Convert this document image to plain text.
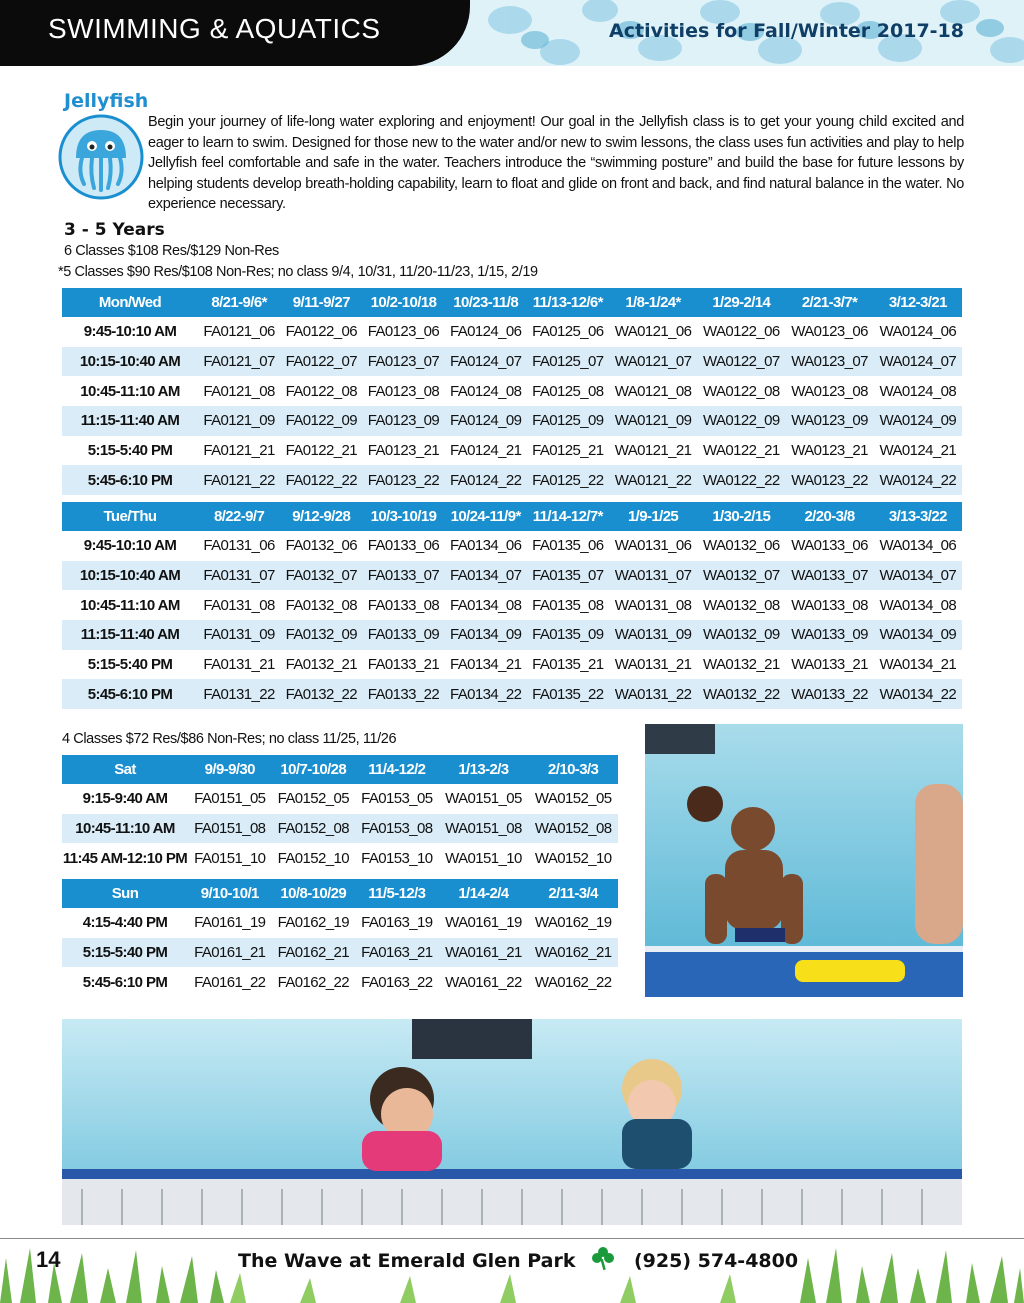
SWIMMING & AQUATICS	Activities for Fall/Winter 2017-18
Jellyfish
Begin your journey of life-long water exploring and enjoyment! Our goal in the Jellyfish class is to get your young child excited and eager to learn to swim. Designed for those new to the water and/or new to swim lessons, the class uses fun activities and play to help Jellyfish feel comfortable and safe in the water. Teachers introduce the “swimming posture” and build the base for future lessons by helping students develop breath-holding capability, learn to float and glide on front and back, and find natural balance in the water. No experience necessary.
3 - 5 Years
6 Classes $108 Res/$129 Non-Res
*5 Classes $90 Res/$108 Non-Res; no class 9/4, 10/31, 11/20-11/23, 1/15, 2/19
Mon/Wed	8/21-9/6*	9/11-9/27	10/2-10/18	10/23-11/8	11/13-12/6*	1/8-1/24*	1/29-2/14	2/21-3/7*	3/12-3/21
9:45-10:10 AM	FA0121_06	FA0122_06	FA0123_06	FA0124_06	FA0125_06	WA0121_06	WA0122_06	WA0123_06	WA0124_06
10:15-10:40 AM	FA0121_07	FA0122_07	FA0123_07	FA0124_07	FA0125_07	WA0121_07	WA0122_07	WA0123_07	WA0124_07
10:45-11:10 AM	FA0121_08	FA0122_08	FA0123_08	FA0124_08	FA0125_08	WA0121_08	WA0122_08	WA0123_08	WA0124_08
11:15-11:40 AM	FA0121_09	FA0122_09	FA0123_09	FA0124_09	FA0125_09	WA0121_09	WA0122_09	WA0123_09	WA0124_09
5:15-5:40 PM	FA0121_21	FA0122_21	FA0123_21	FA0124_21	FA0125_21	WA0121_21	WA0122_21	WA0123_21	WA0124_21
5:45-6:10 PM	FA0121_22	FA0122_22	FA0123_22	FA0124_22	FA0125_22	WA0121_22	WA0122_22	WA0123_22	WA0124_22
Tue/Thu	8/22-9/7	9/12-9/28	10/3-10/19	10/24-11/9*	11/14-12/7*	1/9-1/25	1/30-2/15	2/20-3/8	3/13-3/22
9:45-10:10 AM	FA0131_06	FA0132_06	FA0133_06	FA0134_06	FA0135_06	WA0131_06	WA0132_06	WA0133_06	WA0134_06
10:15-10:40 AM	FA0131_07	FA0132_07	FA0133_07	FA0134_07	FA0135_07	WA0131_07	WA0132_07	WA0133_07	WA0134_07
10:45-11:10 AM	FA0131_08	FA0132_08	FA0133_08	FA0134_08	FA0135_08	WA0131_08	WA0132_08	WA0133_08	WA0134_08
11:15-11:40 AM	FA0131_09	FA0132_09	FA0133_09	FA0134_09	FA0135_09	WA0131_09	WA0132_09	WA0133_09	WA0134_09
5:15-5:40 PM	FA0131_21	FA0132_21	FA0133_21	FA0134_21	FA0135_21	WA0131_21	WA0132_21	WA0133_21	WA0134_21
5:45-6:10 PM	FA0131_22	FA0132_22	FA0133_22	FA0134_22	FA0135_22	WA0131_22	WA0132_22	WA0133_22	WA0134_22
4 Classes $72 Res/$86 Non-Res; no class 11/25, 11/26
Sat	9/9-9/30	10/7-10/28	11/4-12/2	1/13-2/3	2/10-3/3
9:15-9:40 AM	FA0151_05	FA0152_05	FA0153_05	WA0151_05	WA0152_05
10:45-11:10 AM	FA0151_08	FA0152_08	FA0153_08	WA0151_08	WA0152_08
11:45 AM-12:10 PM	FA0151_10	FA0152_10	FA0153_10	WA0151_10	WA0152_10
Sun	9/10-10/1	10/8-10/29	11/5-12/3	1/14-2/4	2/11-3/4
4:15-4:40 PM	FA0161_19	FA0162_19	FA0163_19	WA0161_19	WA0162_19
5:15-5:40 PM	FA0161_21	FA0162_21	FA0163_21	WA0161_21	WA0162_21
5:45-6:10 PM	FA0161_22	FA0162_22	FA0163_22	WA0161_22	WA0162_22
14	The Wave at Emerald Glen Park	(925) 574-4800
